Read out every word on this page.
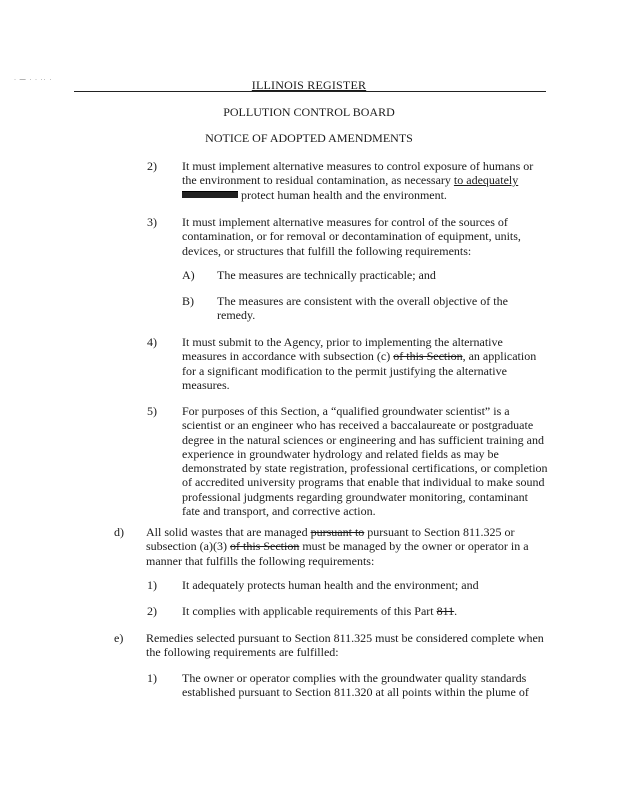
· — · · ·· ·	ILLINOIS REGISTER
POLLUTION CONTROL BOARD
NOTICE OF ADOPTED AMENDMENTS
2) It must implement alternative measures to control exposure of humans or the environment to residual contamination, as necessary to adequately  protect human health and the environment.
3) It must implement alternative measures for control of the sources of contamination, or for removal or decontamination of equipment, units, devices, or structures that fulfill the following requirements:
A) The measures are technically practicable; and
B) The measures are consistent with the overall objective of the remedy.
4) It must submit to the Agency, prior to implementing the alternative measures in accordance with subsection (c) of this Section, an application for a significant modification to the permit justifying the alternative measures.
5) For purposes of this Section, a “qualified groundwater scientist” is a scientist or an engineer who has received a baccalaureate or postgraduate degree in the natural sciences or engineering and has sufficient training and experience in groundwater hydrology and related fields as may be demonstrated by state registration, professional certifications, or completion of accredited university programs that enable that individual to make sound professional judgments regarding groundwater monitoring, contaminant fate and transport, and corrective action.
d) All solid wastes that are managed pursuant to pursuant to Section 811.325 or subsection (a)(3) of this Section must be managed by the owner or operator in a manner that fulfills the following requirements:
1) It adequately protects human health and the environment; and
2) It complies with applicable requirements of this Part 811.
e) Remedies selected pursuant to Section 811.325 must be considered complete when the following requirements are fulfilled:
1) The owner or operator complies with the groundwater quality standards established pursuant to Section 811.320 at all points within the plume of
